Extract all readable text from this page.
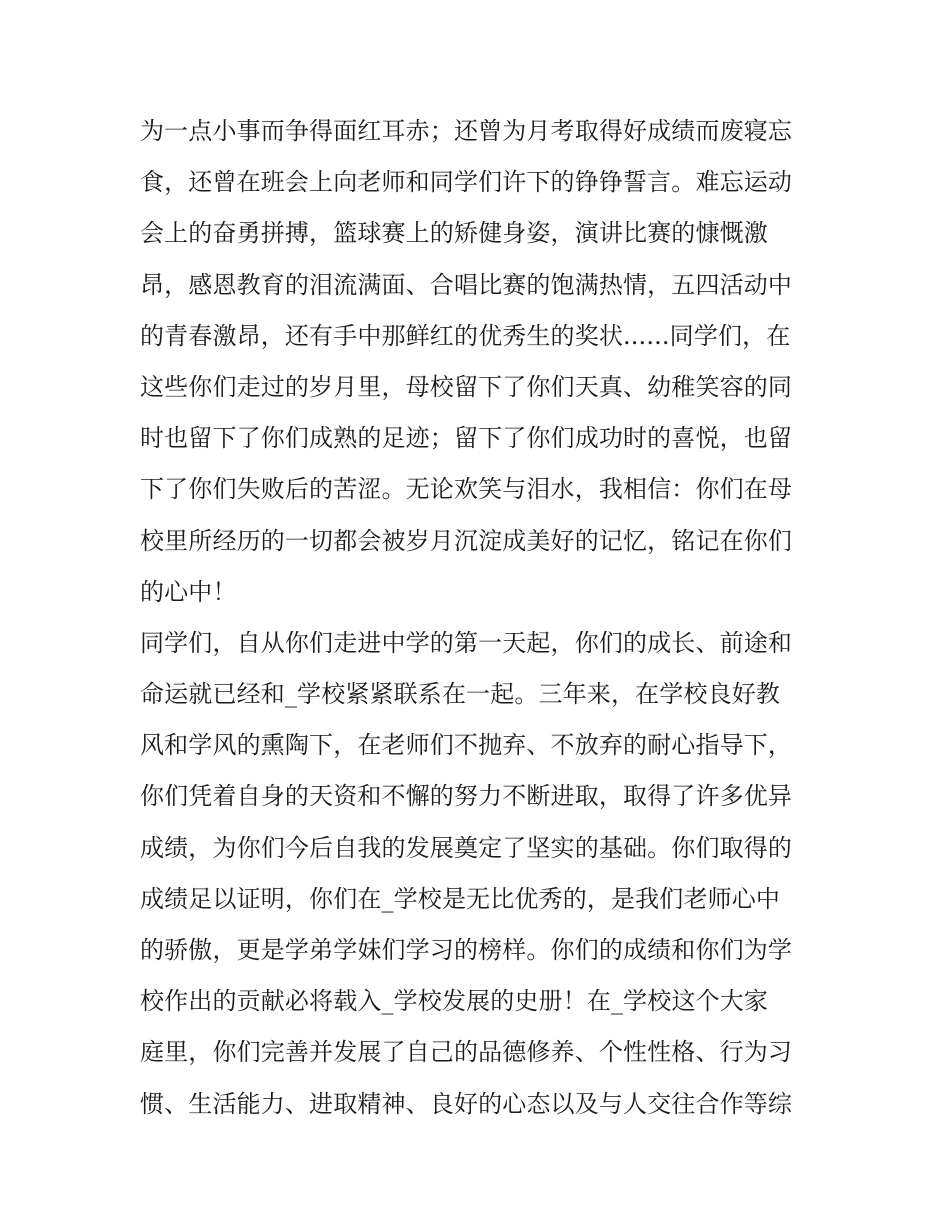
为一点小事而争得面红耳赤；还曾为月考取得好成绩而废寝忘
食，还曾在班会上向老师和同学们许下的铮铮誓言。难忘运动
会上的奋勇拼搏，篮球赛上的矫健身姿，演讲比赛的慷慨激
昂，感恩教育的泪流满面、合唱比赛的饱满热情，五四活动中
的青春激昂，还有手中那鲜红的优秀生的奖状......同学们，在
这些你们走过的岁月里，母校留下了你们天真、幼稚笑容的同
时也留下了你们成熟的足迹；留下了你们成功时的喜悦，也留
下了你们失败后的苦涩。无论欢笑与泪水，我相信：你们在母
校里所经历的一切都会被岁月沉淀成美好的记忆，铭记在你们
的心中！
同学们，自从你们走进中学的第一天起，你们的成长、前途和
命运就已经和_学校紧紧联系在一起。三年来，在学校良好教
风和学风的熏陶下，在老师们不抛弃、不放弃的耐心指导下，
你们凭着自身的天资和不懈的努力不断进取，取得了许多优异
成绩，为你们今后自我的发展奠定了坚实的基础。你们取得的
成绩足以证明，你们在_学校是无比优秀的，是我们老师心中
的骄傲，更是学弟学妹们学习的榜样。你们的成绩和你们为学
校作出的贡献必将载入_学校发展的史册！在_学校这个大家
庭里，你们完善并发展了自己的品德修养、个性性格、行为习
惯、生活能力、进取精神、良好的心态以及与人交往合作等综
